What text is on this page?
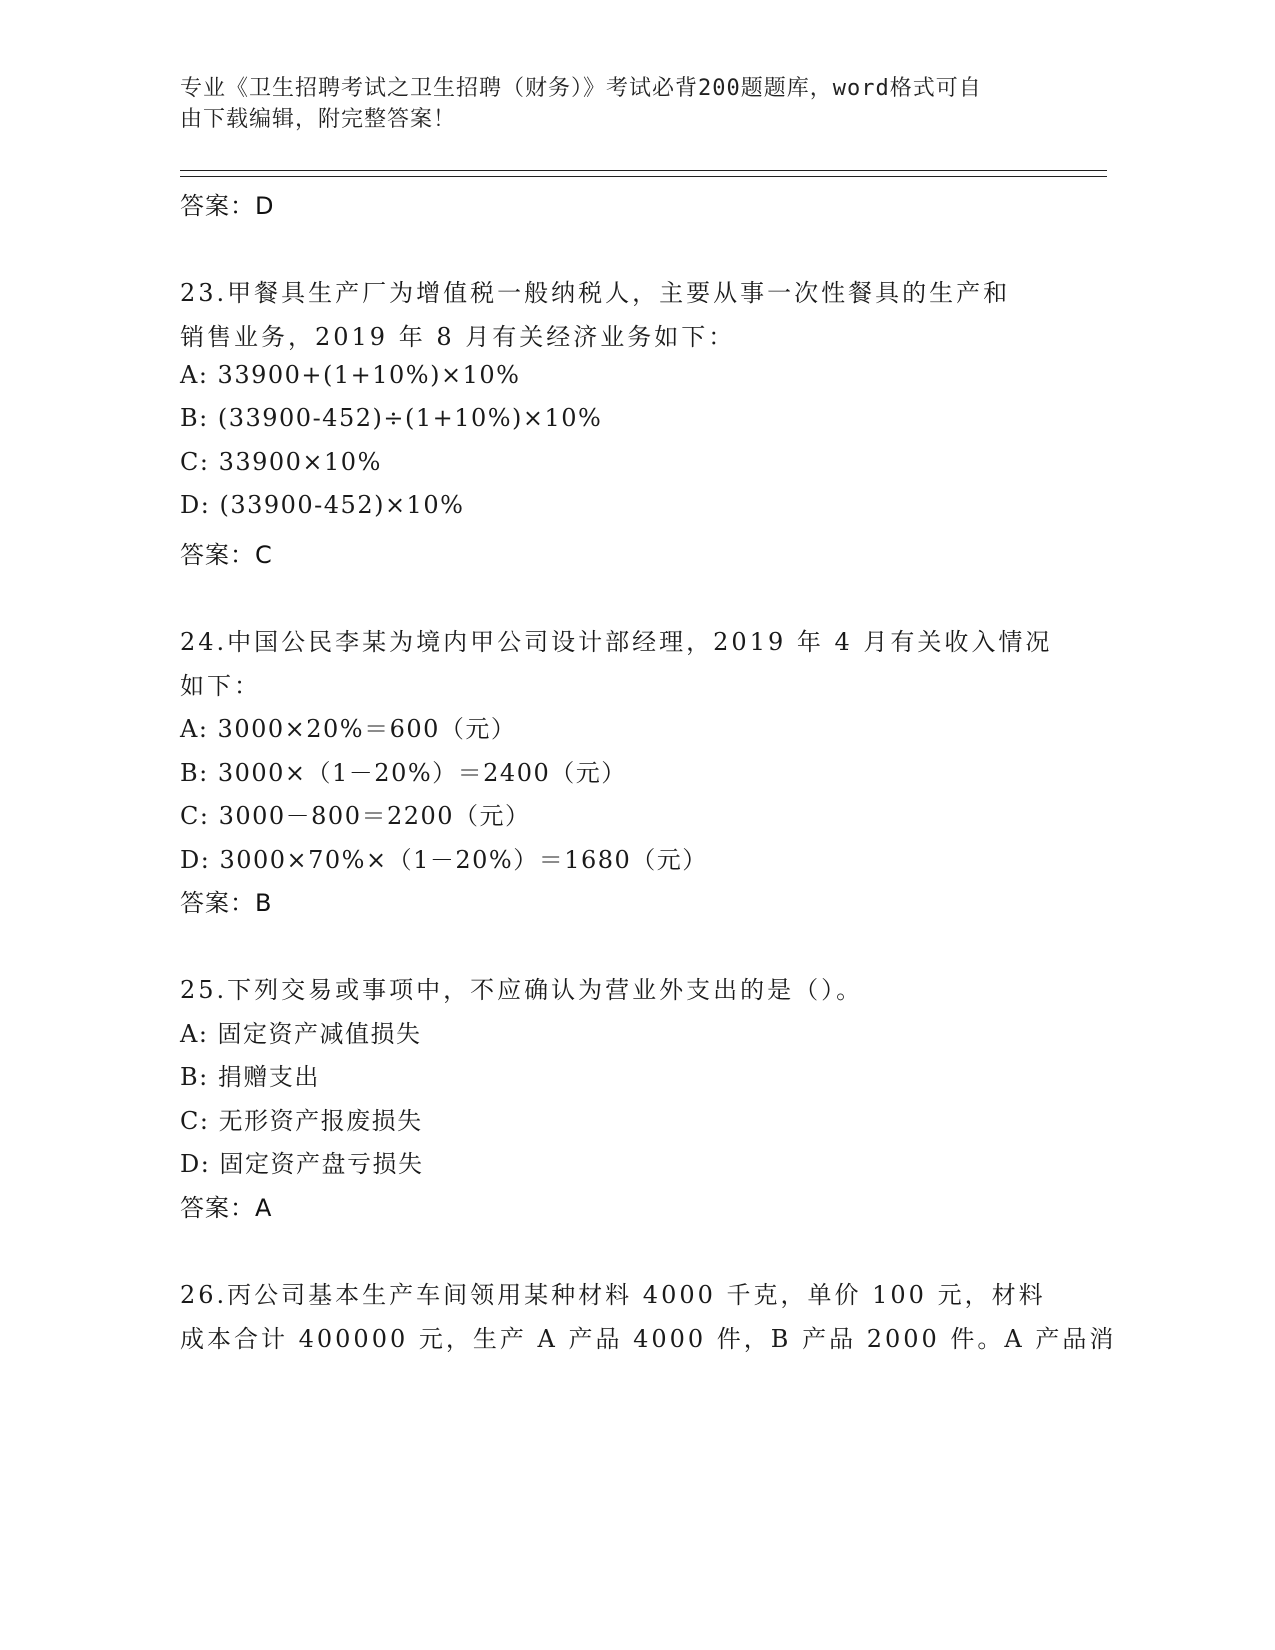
专业《卫生招聘考试之卫生招聘（财务）》考试必背200题题库，word格式可自
由下载编辑，附完整答案！
答案：D
23.甲餐具生产厂为增值税一般纳税人，主要从事一次性餐具的生产和
销售业务，2019 年 8 月有关经济业务如下：
A: 33900+(1+10%)×10%
B: (33900-452)÷(1+10%)×10%
C: 33900×10%
D: (33900-452)×10%
答案：C
24.中国公民李某为境内甲公司设计部经理，2019 年 4 月有关收入情况
如下：
A: 3000×20%＝600（元）
B: 3000×（1－20%）＝2400（元）
C: 3000－800＝2200（元）
D: 3000×70%×（1－20%）＝1680（元）
答案：B
25.下列交易或事项中，不应确认为营业外支出的是（）。
A: 固定资产减值损失
B: 捐赠支出
C: 无形资产报废损失
D: 固定资产盘亏损失
答案：A
26.丙公司基本生产车间领用某种材料 4000 千克，单价 100 元，材料
成本合计 400000 元，生产 A 产品 4000 件，B 产品 2000 件。A 产品消
